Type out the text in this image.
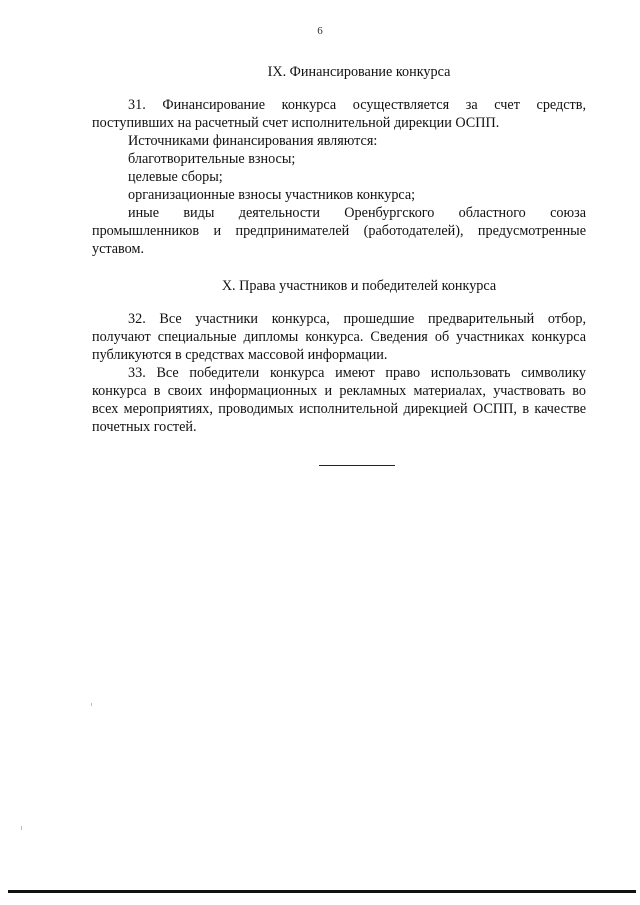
6
IX. Финансирование конкурса

31. Финансирование конкурса осуществляется за счет средств, поступивших на расчетный счет исполнительной дирекции ОСПП.

Источниками финансирования являются:

благотворительные взносы;

целевые сборы;

организационные взносы участников конкурса;

иные виды деятельности Оренбургского областного союза промышленников и предпринимателей (работодателей), предусмотренные уставом.

X. Права участников и победителей конкурса

32. Все участники конкурса, прошедшие предварительный отбор, получают специальные дипломы конкурса. Сведения об участниках конкурса публикуются в средствах массовой информации.

33. Все победители конкурса имеют право использовать символику конкурса в своих информационных и рекламных материалах, участвовать во всех мероприятиях, проводимых исполнительной дирекцией ОСПП, в качестве почетных гостей.
